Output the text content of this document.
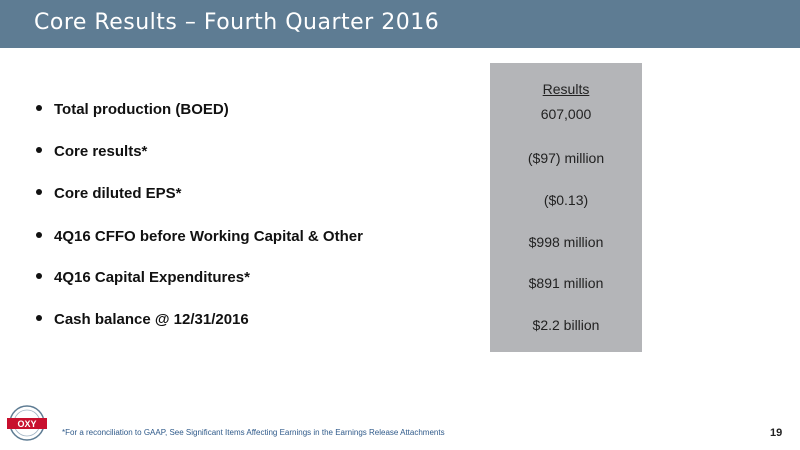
Core Results – Fourth Quarter 2016
Total production (BOED)
Core results*
Core diluted EPS*
4Q16 CFFO before Working Capital & Other
4Q16 Capital Expenditures*
Cash balance @ 12/31/2016
Results
607,000
($97) million
($0.13)
$998 million
$891 million
$2.2 billion
OXY
*For a reconciliation to GAAP, See Significant Items Affecting Earnings in the Earnings Release Attachments	19
